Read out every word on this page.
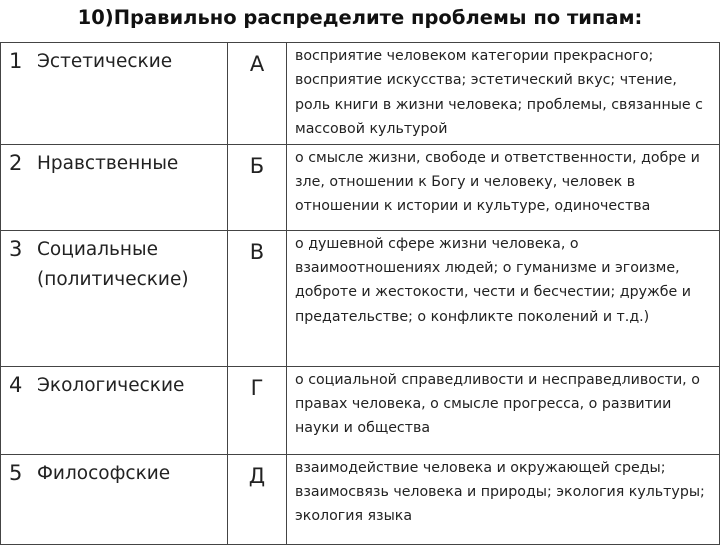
10)Правильно распределите проблемы по типам:
1 Эстетические	А	восприятие человеком категории прекрасного; восприятие искусства; эстетический вкус; чтение, роль книги в жизни человека; проблемы, связанные с массовой культурой

2 Нравственные	Б	о смысле жизни, свободе и ответственности, добре и зле, отношении к Богу и человеку, человек в отношении к истории и культуре, одиночества

3 Социальные (политические)	В	о душевной сфере жизни человека, о взаимоотношениях людей; о гуманизме и эгоизме, доброте и жестокости, чести и бесчестии; дружбе и предательстве; о конфликте поколений и т.д.)

4 Экологические	Г	о социальной справедливости и несправедливости, о правах человека, о смысле прогресса, о развитии науки и общества

5 Философские	Д	взаимодействие человека и окружающей среды; взаимосвязь человека и природы; экология культуры; экология языка
